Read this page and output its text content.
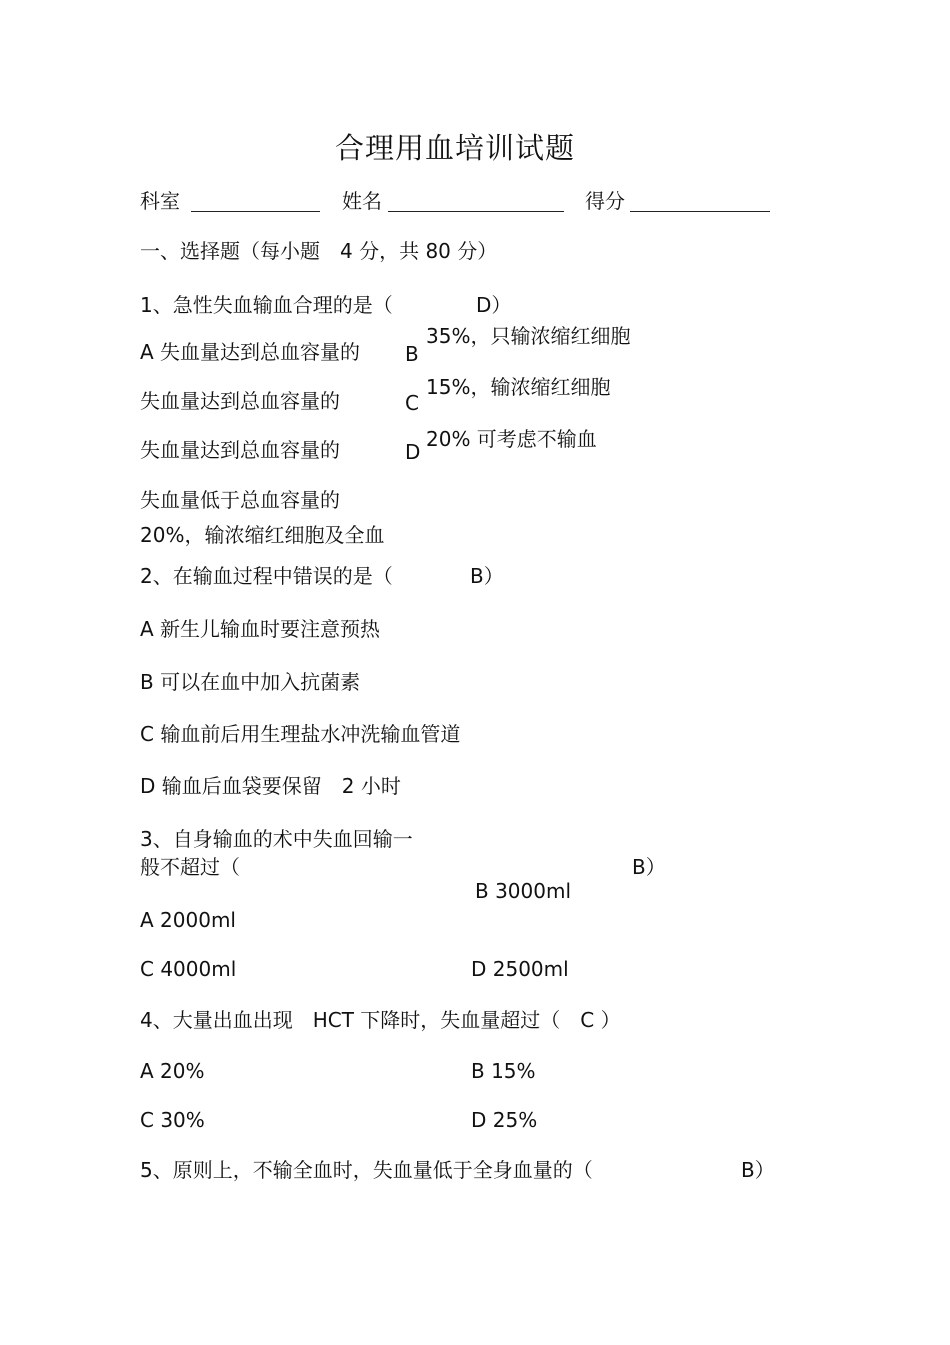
合理用血培训试题
科室	姓名	得分
一、选择题（每小题　4 分，共 80 分）
1、急性失血输血合理的是（	D）
A 失血量达到总血容量的 B
35%，只输浓缩红细胞
失血量达到总血容量的	C
15%，输浓缩红细胞
失血量达到总血容量的	D
20% 可考虑不输血
失血量低于总血容量的
20%，输浓缩红细胞及全血
2、在输血过程中错误的是（	B）
A 新生儿输血时要注意预热
B 可以在血中加入抗菌素
C 输血前后用生理盐水冲洗输血管道
D 输血后血袋要保留　2 小时
3、自身输血的术中失血回输一
般不超过（	B）
B 3000ml
A 2000ml
C 4000ml	D 2500ml
4、大量出血出现　HCT 下降时，失血量超过（　C ）
A 20%	B 15%
C 30%	D 25%
5、原则上，不输全血时，失血量低于全身血量的（	B）
